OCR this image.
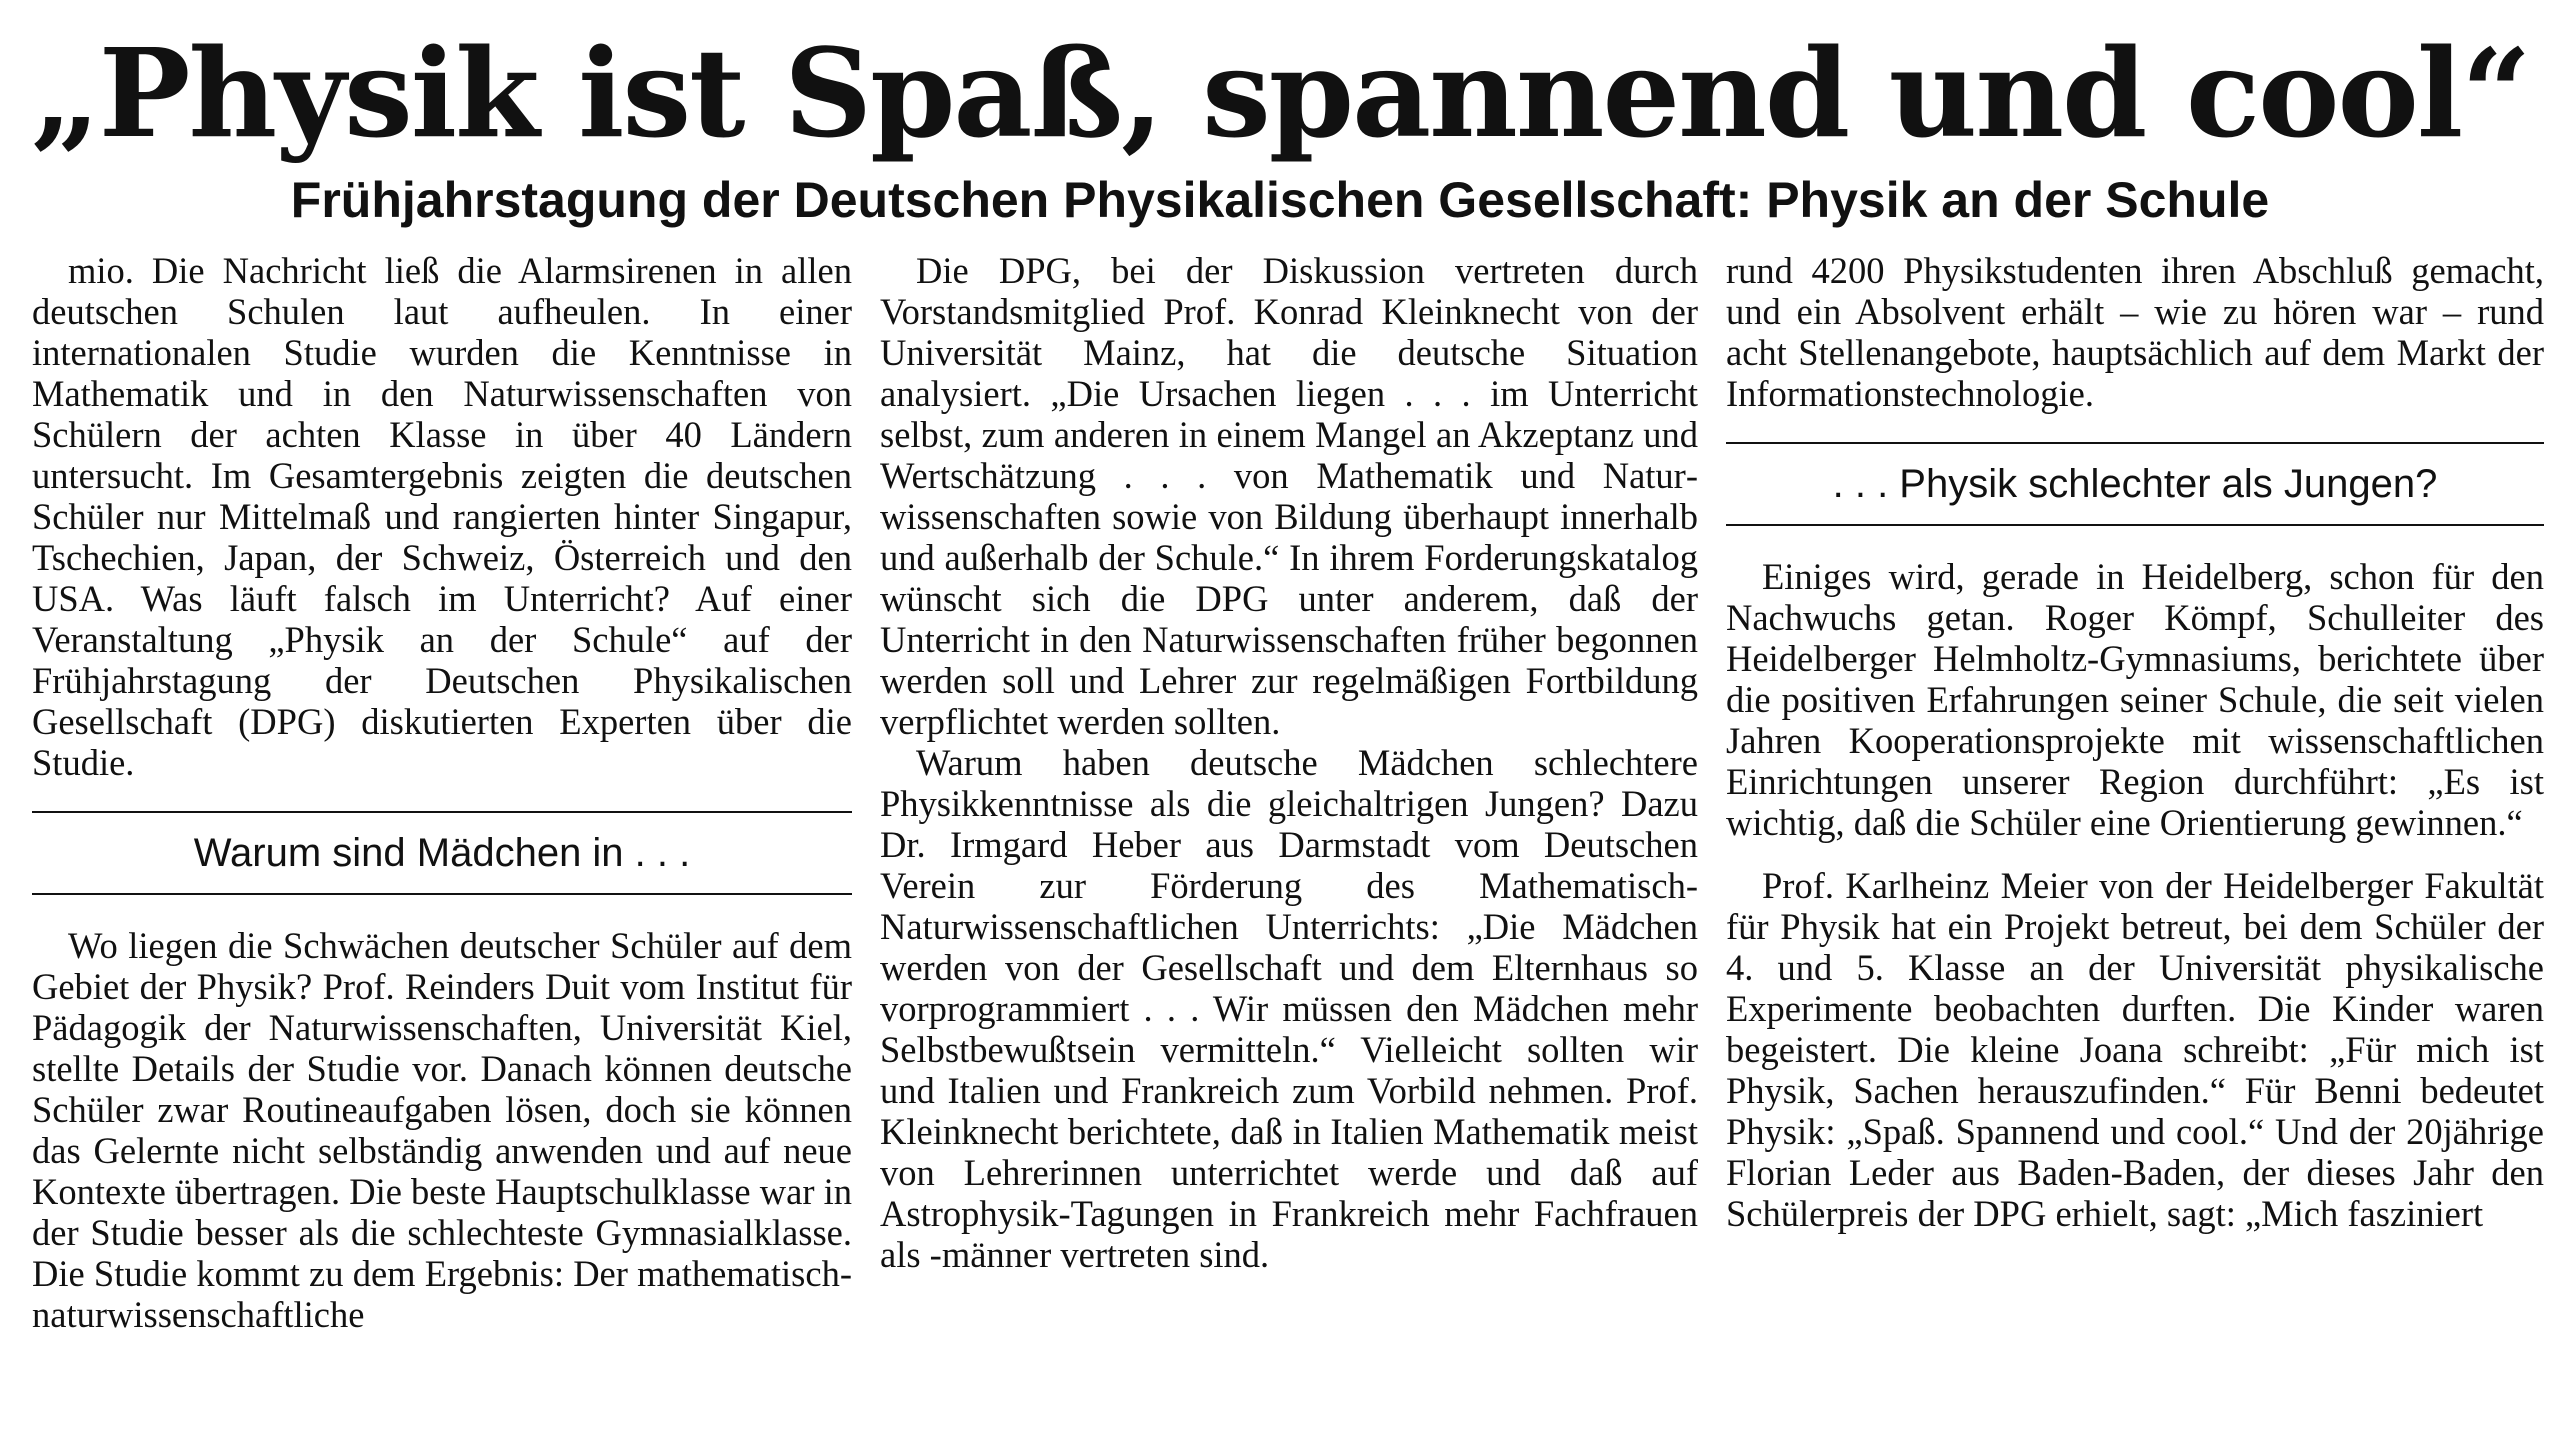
„Physik ist Spaß, spannend und cool“
Frühjahrstagung der Deutschen Physikalischen Gesellschaft: Physik an der Schule

mio. Die Nachricht ließ die Alarmsirenen in allen deutschen Schulen laut aufheulen. In einer internationalen Studie wurden die Kenntnisse in Mathematik und in den Naturwissenschaften von Schülern der achten Klasse in über 40 Ländern untersucht. Im Gesamtergebnis zeigten die deutschen Schüler nur Mittelmaß und rangierten hinter Singapur, Tschechien, Japan, der Schweiz, Österreich und den USA. Was läuft falsch im Unterricht? Auf einer Veranstaltung „Physik an der Schule“ auf der Frühjahrstagung der Deutschen Physikalischen Gesellschaft (DPG) diskutierten Experten über die Studie.

Warum sind Mädchen in . . .

Wo liegen die Schwächen deutscher Schüler auf dem Gebiet der Physik? Prof. Reinders Duit vom Institut für Pädagogik der Naturwissenschaften, Universität Kiel, stellte Details der Studie vor. Danach können deutsche Schüler zwar Routineaufgaben lösen, doch sie können das Gelernte nicht selbständig anwenden und auf neue Kontexte übertragen. Die beste Hauptschulklasse war in der Studie besser als die schlechteste Gymnasialklasse. Die Studie kommt zu dem Ergebnis: Der mathematisch-naturwissenschaftliche

Die DPG, bei der Diskussion vertreten durch Vorstandsmitglied Prof. Konrad Kleinknecht von der Universität Mainz, hat die deutsche Situation analysiert. „Die Ursachen liegen . . . im Unterricht selbst, zum anderen in einem Mangel an Akzeptanz und Wertschätzung . . . von Mathematik und Naturwissenschaften sowie von Bildung überhaupt innerhalb und außerhalb der Schule.“ In ihrem Forderungskatalog wünscht sich die DPG unter anderem, daß der Unterricht in den Naturwissenschaften früher begonnen werden soll und Lehrer zur regelmäßigen Fortbildung verpflichtet werden sollten.

Warum haben deutsche Mädchen schlechtere Physikkenntnisse als die gleichaltrigen Jungen? Dazu Dr. Irmgard Heber aus Darmstadt vom Deutschen Verein zur Förderung des Mathematisch-Naturwissenschaftlichen Unterrichts: „Die Mädchen werden von der Gesellschaft und dem Elternhaus so vorprogrammiert . . . Wir müssen den Mädchen mehr Selbstbewußtsein vermitteln.“ Vielleicht sollten wir und Italien und Frankreich zum Vorbild nehmen. Prof. Kleinknecht berichtete, daß in Italien Mathematik meist von Lehrerinnen unterrichtet werde und daß auf Astrophysik-Tagungen in Frankreich mehr Fachfrauen als -männer vertreten sind.

rund 4200 Physikstudenten ihren Abschluß gemacht, und ein Absolvent erhält – wie zu hören war – rund acht Stellenangebote, hauptsächlich auf dem Markt der Informationstechnologie.

. . . Physik schlechter als Jungen?

Einiges wird, gerade in Heidelberg, schon für den Nachwuchs getan. Roger Kömpf, Schulleiter des Heidelberger Helmholtz-Gymnasiums, berichtete über die positiven Erfahrungen seiner Schule, die seit vielen Jahren Kooperationsprojekte mit wissenschaftlichen Einrichtungen unserer Region durchführt: „Es ist wichtig, daß die Schüler eine Orientierung gewinnen.“

Prof. Karlheinz Meier von der Heidelberger Fakultät für Physik hat ein Projekt betreut, bei dem Schüler der 4. und 5. Klasse an der Universität physikalische Experimente beobachten durften. Die Kinder waren begeistert. Die kleine Joana schreibt: „Für mich ist Physik, Sachen herauszufinden.“ Für Benni bedeutet Physik: „Spaß. Spannend und cool.“ Und der 20jährige Florian Leder aus Baden-Baden, der dieses Jahr den Schülerpreis der DPG erhielt, sagt: „Mich fasziniert
